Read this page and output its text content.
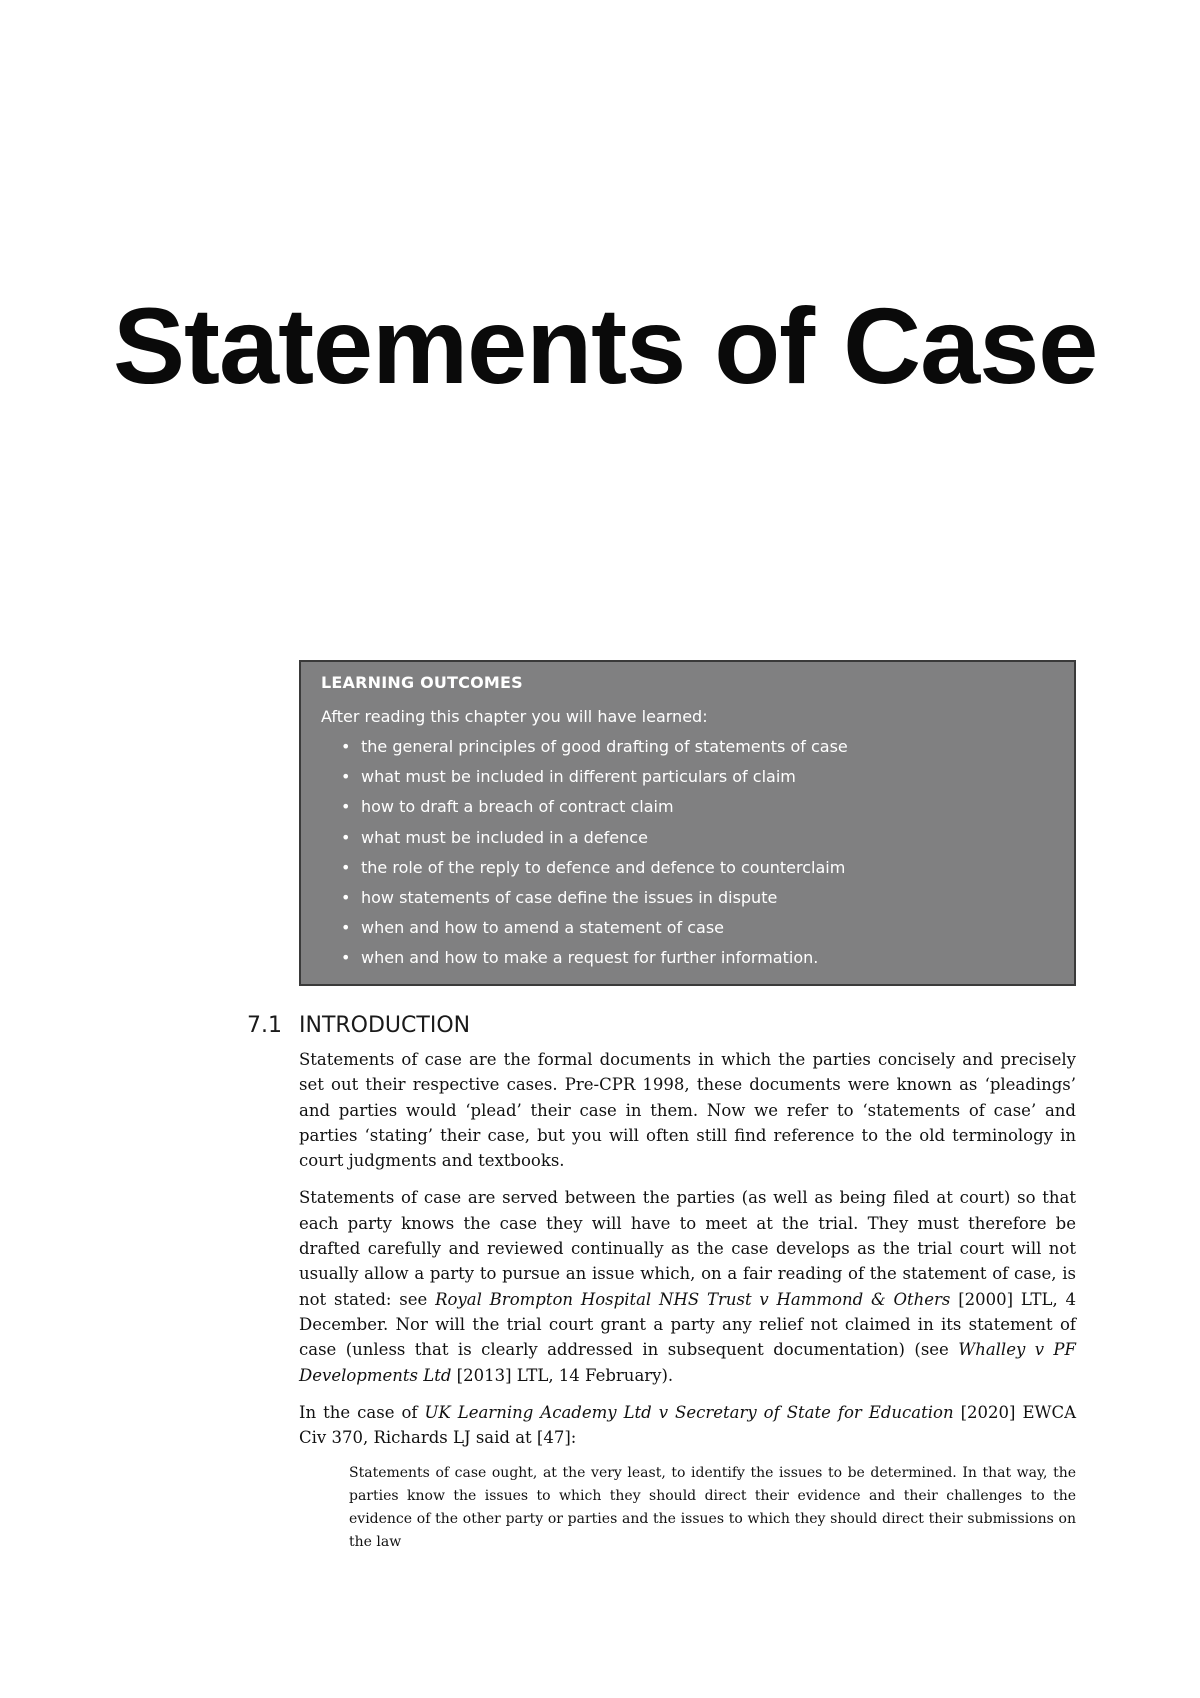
Statements of Case
LEARNING OUTCOMES
After reading this chapter you will have learned:
• the general principles of good drafting of statements of case
• what must be included in different particulars of claim
• how to draft a breach of contract claim
• what must be included in a defence
• the role of the reply to defence and defence to counterclaim
• how statements of case define the issues in dispute
• when and how to amend a statement of case
• when and how to make a request for further information.
7.1 INTRODUCTION

Statements of case are the formal documents in which the parties concisely and precisely set out their respective cases. Pre-CPR 1998, these documents were known as ‘pleadings’ and parties would ‘plead’ their case in them. Now we refer to ‘statements of case’ and parties ‘stating’ their case, but you will often still find reference to the old terminology in court judgments and textbooks.

Statements of case are served between the parties (as well as being filed at court) so that each party knows the case they will have to meet at the trial. They must therefore be drafted carefully and reviewed continually as the case develops as the trial court will not usually allow a party to pursue an issue which, on a fair reading of the statement of case, is not stated: see Royal Brompton Hospital NHS Trust v Hammond & Others [2000] LTL, 4 December. Nor will the trial court grant a party any relief not claimed in its statement of case (unless that is clearly addressed in subsequent documentation) (see Whalley v PF Developments Ltd [2013] LTL, 14 February).

In the case of UK Learning Academy Ltd v Secretary of State for Education [2020] EWCA Civ 370, Richards LJ said at [47]:

Statements of case ought, at the very least, to identify the issues to be determined. In that way, the parties know the issues to which they should direct their evidence and their challenges to the evidence of the other party or parties and the issues to which they should direct their submissions on the law
